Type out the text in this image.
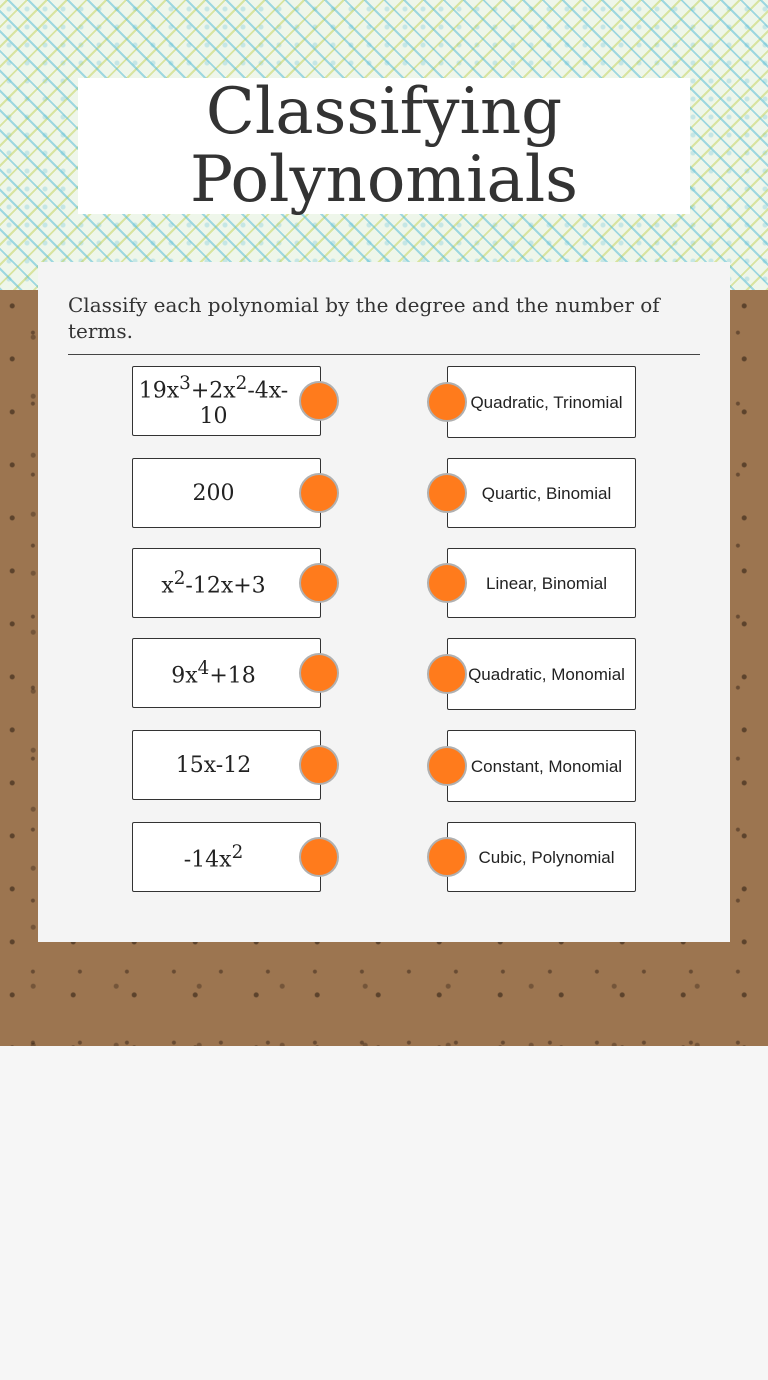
Classifying
Polynomials

Classify each polynomial by the degree and the number of terms.

$19x^3+2x^2-4x-10$
200
$x^2-12x+3$
$9x^4+18$
15x-12
$-14x^2$
Quadratic, Trinomial
Quartic, Binomial
Linear, Binomial
Quadratic, Monomial
Constant, Monomial
Cubic, Polynomial
